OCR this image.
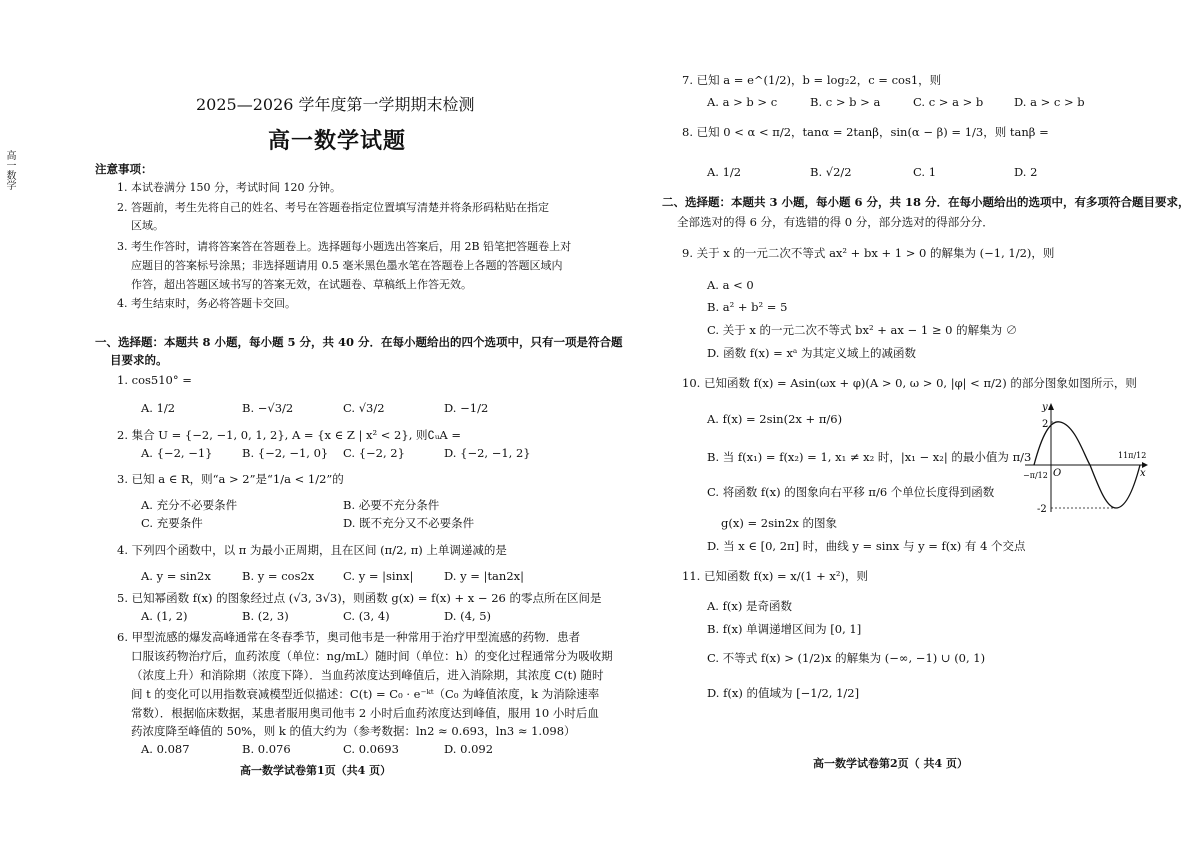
高一数学
2025—2026 学年度第一学期期末检测
高一数学试题
注意事项：
1. 本试卷满分 150 分，考试时间 120 分钟。
2. 答题前，考生先将自己的姓名、考号在答题卷指定位置填写清楚并将条形码粘贴在指定
区域。
3. 考生作答时，请将答案答在答题卷上。选择题每小题选出答案后，用 2B 铅笔把答题卷上对
应题目的答案标号涂黑；非选择题请用 0.5 毫米黑色墨水笔在答题卷上各题的答题区域内
作答，超出答题区域书写的答案无效，在试题卷、草稿纸上作答无效。
4. 考生结束时，务必将答题卡交回。
一、选择题：本题共 8 小题，每小题 5 分，共 40 分．在每小题给出的四个选项中，只有一项是符合题
目要求的。
1. cos510° =
A. 1/2	B. −√3/2	C. √3/2	D. −1/2
2. 集合 U = {−2, −1, 0, 1, 2}, A = {x ∈ Z | x² < 2}, 则∁ᵤA =
A. {−2, −1}	B. {−2, −1, 0} C. {−2, 2}	D. {−2, −1, 2}
3. 已知 a ∈ R，则“a > 2”是“1/a < 1/2”的
A. 充分不必要条件	B. 必要不充分条件
C. 充要条件	D. 既不充分又不必要条件
4. 下列四个函数中，以 π 为最小正周期，且在区间 (π/2, π) 上单调递减的是
A. y = sin2x	B. y = cos2x C. y = |sinx|	D. y = |tan2x|
5. 已知幂函数 f(x) 的图象经过点 (√3, 3√3)，则函数 g(x) = f(x) + x − 26 的零点所在区间是
A. (1, 2)	B. (2, 3)	C. (3, 4)	D. (4, 5)
6. 甲型流感的爆发高峰通常在冬春季节，奥司他韦是一种常用于治疗甲型流感的药物．患者
口服该药物治疗后，血药浓度（单位：ng/mL）随时间（单位：h）的变化过程通常分为吸收期
（浓度上升）和消除期（浓度下降）．当血药浓度达到峰值后，进入消除期，其浓度 C(t) 随时
间 t 的变化可以用指数衰减模型近似描述：C(t) = C₀ · e⁻ᵏᵗ（C₀ 为峰值浓度，k 为消除速率
常数）．根据临床数据，某患者服用奥司他韦 2 小时后血药浓度达到峰值，服用 10 小时后血
药浓度降至峰值的 50%，则 k 的值大约为（参考数据：ln2 ≈ 0.693，ln3 ≈ 1.098）
A. 0.087	B. 0.076	C. 0.0693	D. 0.092
高一数学试卷第1页（共4 页）
7. 已知 a = e^(1/2)，b = log₂2，c = cos1，则
A. a > b > c	B. c > b > a	C. c > a > b	D. a > c > b
8. 已知 0 < α < π/2，tanα = 2tanβ，sin(α − β) = 1/3，则 tanβ =
A. 1/2	B. √2/2	C. 1	D. 2
二、选择题：本题共 3 小题，每小题 6 分，共 18 分．在每小题给出的选项中，有多项符合题目要求，
全部选对的得 6 分，有选错的得 0 分，部分选对的得部分分．
9. 关于 x 的一元二次不等式 ax² + bx + 1 > 0 的解集为 (−1, 1/2)，则
A. a < 0
B. a² + b² = 5
C. 关于 x 的一元二次不等式 bx² + ax − 1 ≥ 0 的解集为 ∅
D. 函数 f(x) = xᵃ 为其定义域上的减函数
10. 已知函数 f(x) = Asin(ωx + φ)(A > 0, ω > 0, |φ| < π/2) 的部分图象如图所示，则
A. f(x) = 2sin(2x + π/6)
B. 当 f(x₁) = f(x₂) = 1, x₁ ≠ x₂ 时，|x₁ − x₂| 的最小值为 π/3
C. 将函数 f(x) 的图象向右平移 π/6 个单位长度得到函数
g(x) = 2sin2x 的图象
D. 当 x ∈ [0, 2π] 时，曲线 y = sinx 与 y = f(x) 有 4 个交点
2
-2
−π/12
11π/12
O	x
y
11. 已知函数 f(x) = x/(1 + x²)，则
A. f(x) 是奇函数
B. f(x) 单调递增区间为 [0, 1]
C. 不等式 f(x) > (1/2)x 的解集为 (−∞, −1) ∪ (0, 1)
D. f(x) 的值域为 [−1/2, 1/2]
高一数学试卷第2页（ 共4 页）
